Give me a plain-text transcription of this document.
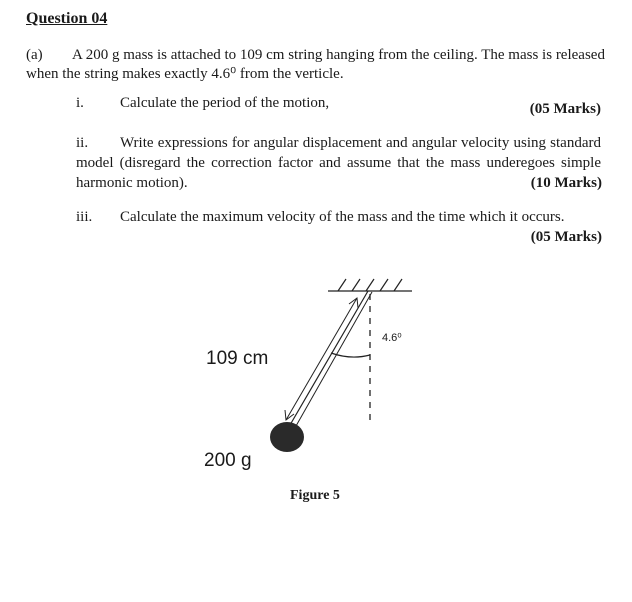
Question 04
(a) A 200 g mass is attached to 109 cm string hanging from the ceiling. The mass is released when the string makes exactly 4.6⁰ from the verticle.
i. Calculate the period of the motion,	(05 Marks)
ii. Write expressions for angular displacement and angular velocity using standard model (disregard the correction factor and assume that the mass underegoes simple harmonic motion).	(10 Marks)
iii. Calculate the maximum velocity of the mass and the time which it occurs.
(05 Marks)
4.6⁰
109 cm
200 g
Figure 5
